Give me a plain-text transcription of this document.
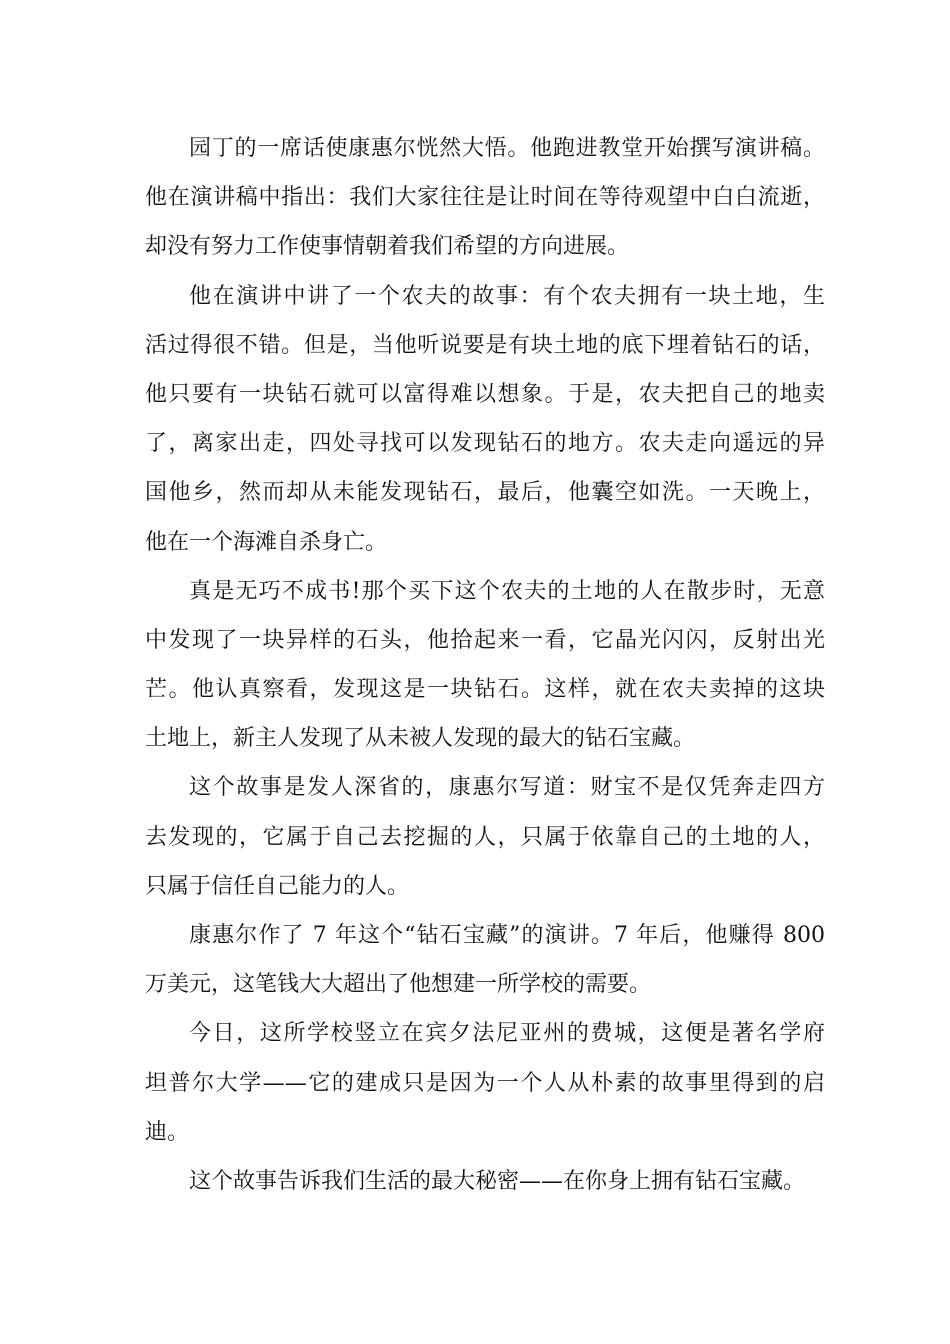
园丁的一席话使康惠尔恍然大悟。他跑进教堂开始撰写演讲稿。
他在演讲稿中指出：我们大家往往是让时间在等待观望中白白流逝，
却没有努力工作使事情朝着我们希望的方向进展。
他在演讲中讲了一个农夫的故事：有个农夫拥有一块土地，生
活过得很不错。但是，当他听说要是有块土地的底下埋着钻石的话，
他只要有一块钻石就可以富得难以想象。于是，农夫把自己的地卖
了，离家出走，四处寻找可以发现钻石的地方。农夫走向遥远的异
国他乡，然而却从未能发现钻石，最后，他囊空如洗。一天晚上，
他在一个海滩自杀身亡。
真是无巧不成书!那个买下这个农夫的土地的人在散步时，无意
中发现了一块异样的石头，他拾起来一看，它晶光闪闪，反射出光
芒。他认真察看，发现这是一块钻石。这样，就在农夫卖掉的这块
土地上，新主人发现了从未被人发现的最大的钻石宝藏。
这个故事是发人深省的，康惠尔写道：财宝不是仅凭奔走四方
去发现的，它属于自己去挖掘的人，只属于依靠自己的土地的人，
只属于信任自己能力的人。
康惠尔作了 7 年这个“钻石宝藏”的演讲。7 年后，他赚得 800
万美元，这笔钱大大超出了他想建一所学校的需要。
今日，这所学校竖立在宾夕法尼亚州的费城，这便是著名学府
坦普尔大学——它的建成只是因为一个人从朴素的故事里得到的启
迪。
这个故事告诉我们生活的最大秘密——在你身上拥有钻石宝藏。
